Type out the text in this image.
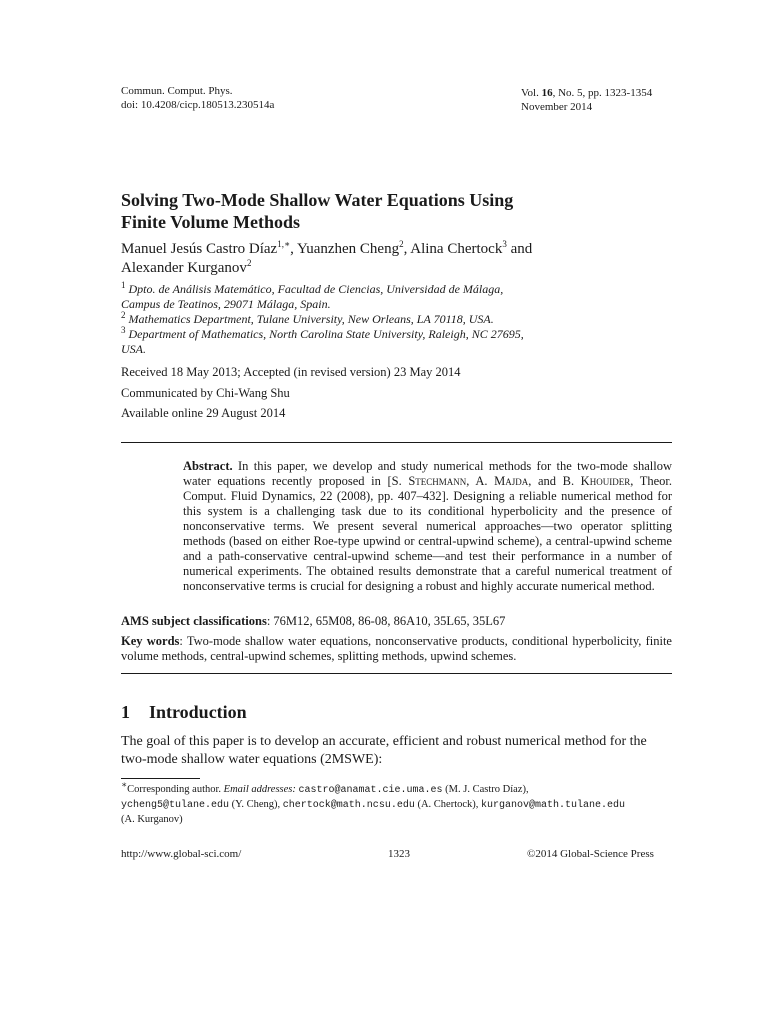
Commun. Comput. Phys.
doi: 10.4208/cicp.180513.230514a
Vol. 16, No. 5, pp. 1323-1354
November 2014
Solving Two-Mode Shallow Water Equations Using
Finite Volume Methods
Manuel Jesús Castro Díaz$^{1,∗}$, Yuanzhen Cheng$^2$, Alina Chertock$^3$ and
Alexander Kurganov$^2$
$^1$ Dpto. de Análisis Matemático, Facultad de Ciencias, Universidad de Málaga,
Campus de Teatinos, 29071 Málaga, Spain.
$^2$ Mathematics Department, Tulane University, New Orleans, LA 70118, USA.
$^3$ Department of Mathematics, North Carolina State University, Raleigh, NC 27695,
USA.
Received 18 May 2013; Accepted (in revised version) 23 May 2014
Communicated by Chi-Wang Shu
Available online 29 August 2014
Abstract. In this paper, we develop and study numerical methods for the two-mode shallow water equations recently proposed in [S. Stechmann, A. Majda, and B. Khouider, Theor. Comput. Fluid Dynamics, 22 (2008), pp. 407–432]. Designing a reliable numerical method for this system is a challenging task due to its conditional hyperbolicity and the presence of nonconservative terms. We present several numerical approaches—two operator splitting methods (based on either Roe-type upwind or central-upwind scheme), a central-upwind scheme and a path-conservative central-upwind scheme—and test their performance in a number of numerical experiments. The obtained results demonstrate that a careful numerical treatment of nonconservative terms is crucial for designing a robust and highly accurate numerical method.
AMS subject classifications: 76M12, 65M08, 86-08, 86A10, 35L65, 35L67
Key words: Two-mode shallow water equations, nonconservative products, conditional hyperbolicity, finite volume methods, central-upwind schemes, splitting methods, upwind schemes.
1 Introduction
The goal of this paper is to develop an accurate, efficient and robust numerical method for the two-mode shallow water equations (2MSWE):
∗Corresponding author. Email addresses: castro@anamat.cie.uma.es (M. J. Castro Díaz),
ycheng5@tulane.edu (Y. Cheng), chertock@math.ncsu.edu (A. Chertock), kurganov@math.tulane.edu
(A. Kurganov)
http://www.global-sci.com/	1323	©2014 Global-Science Press
